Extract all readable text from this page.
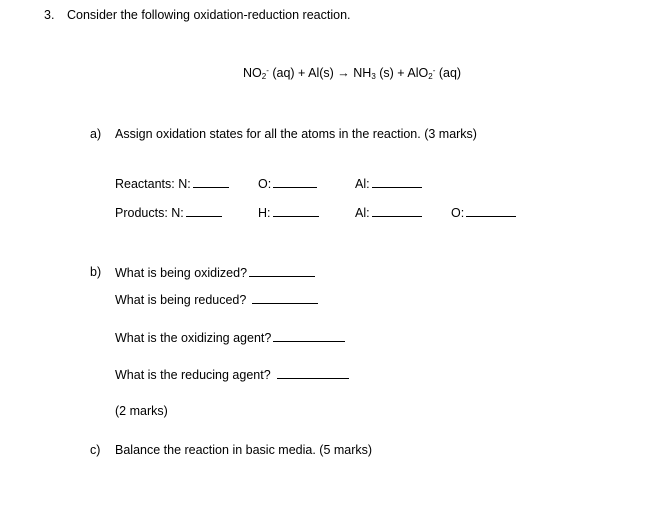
3. Consider the following oxidation-reduction reaction.
$NO_2^-$ $(aq) + Al(s) \to NH_3$ (s) + AlO$_2$- (aq)
a) Assign oxidation states for all the atoms in the reaction. (3 marks)
Reactants: N:	O:	Al:
Products: N:	H:	Al:	O:
b) What is being oxidized?
What is being reduced?
What is the oxidizing agent?
What is the reducing agent?
(2 marks)
c) Balance the reaction in basic media. (5 marks)
